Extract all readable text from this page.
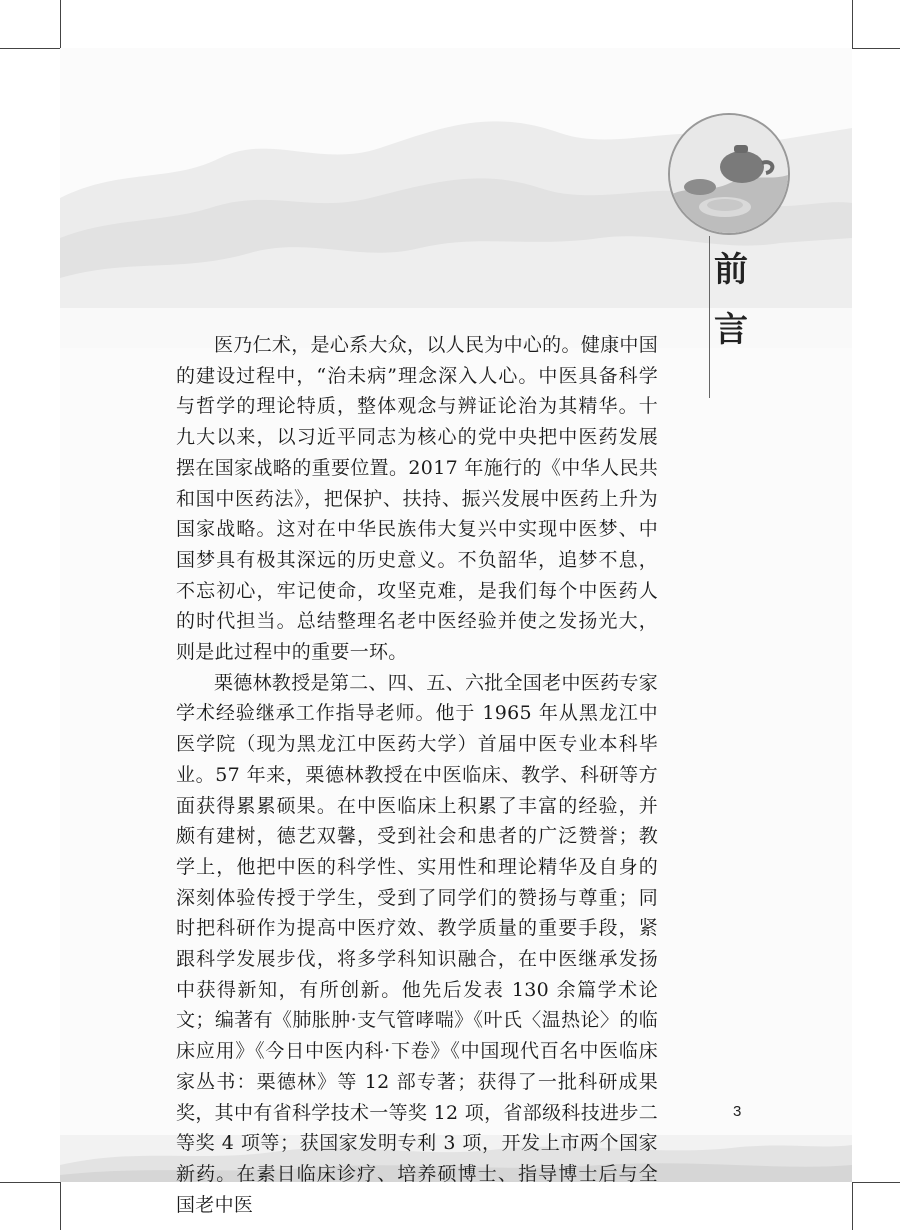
前
言

医乃仁术，是心系大众，以人民为中心的。健康中国的建设过程中，“治未病”理念深入人心。中医具备科学与哲学的理论特质，整体观念与辨证论治为其精华。十九大以来，以习近平同志为核心的党中央把中医药发展摆在国家战略的重要位置。2017 年施行的《中华人民共和国中医药法》，把保护、扶持、振兴发展中医药上升为国家战略。这对在中华民族伟大复兴中实现中医梦、中国梦具有极其深远的历史意义。不负韶华，追梦不息，不忘初心，牢记使命，攻坚克难，是我们每个中医药人的时代担当。总结整理名老中医经验并使之发扬光大，则是此过程中的重要一环。

栗德林教授是第二、四、五、六批全国老中医药专家学术经验继承工作指导老师。他于 1965 年从黑龙江中医学院（现为黑龙江中医药大学）首届中医专业本科毕业。57 年来，栗德林教授在中医临床、教学、科研等方面获得累累硕果。在中医临床上积累了丰富的经验，并颇有建树，德艺双馨，受到社会和患者的广泛赞誉；教学上，他把中医的科学性、实用性和理论精华及自身的深刻体验传授于学生，受到了同学们的赞扬与尊重；同时把科研作为提高中医疗效、教学质量的重要手段，紧跟科学发展步伐，将多学科知识融合，在中医继承发扬中获得新知，有所创新。他先后发表 130 余篇学术论文；编著有《肺胀肿·支气管哮喘》《叶氏〈温热论〉的临床应用》《今日中医内科·下卷》《中国现代百名中医临床家丛书：栗德林》等 12 部专著；获得了一批科研成果奖，其中有省科学技术一等奖 12 项，省部级科技进步二等奖 4 项等；获国家发明专利 3 项，开发上市两个国家新药。在素日临床诊疗、培养硕博士、指导博士后与全国老中医

3
